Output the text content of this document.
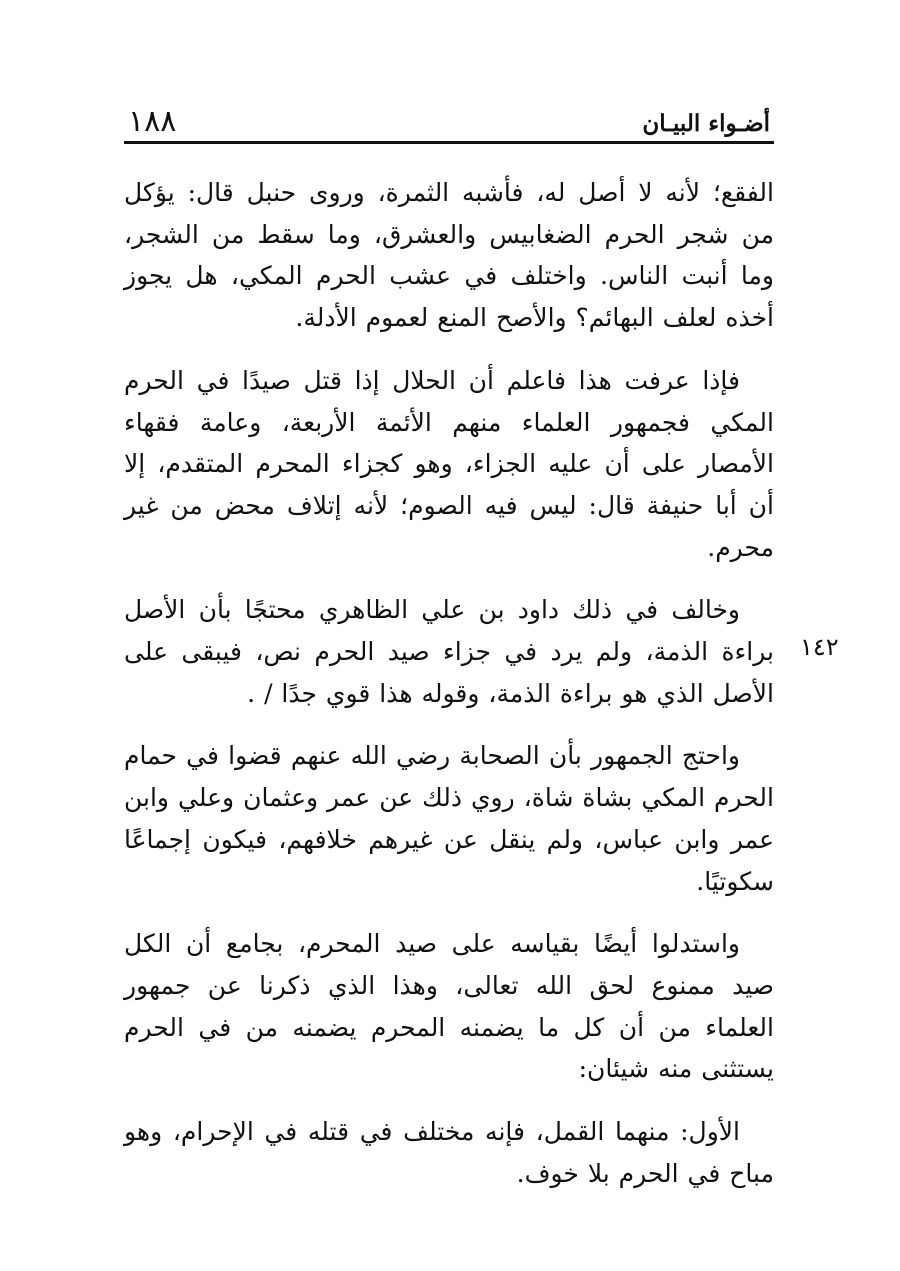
أضـواء البيـان
١٨٨

الفقع؛ لأنه لا أصل له، فأشبه الثمرة، وروى حنبل قال: يؤكل من شجر الحرم الضغابيس والعشرق، وما سقط من الشجر، وما أنبت الناس. واختلف في عشب الحرم المكي، هل يجوز أخذه لعلف البهائم؟ والأصح المنع لعموم الأدلة.

فإذا عرفت هذا فاعلم أن الحلال إذا قتل صيدًا في الحرم المكي فجمهور العلماء منهم الأئمة الأربعة، وعامة فقهاء الأمصار على أن عليه الجزاء، وهو كجزاء المحرم المتقدم، إلا أن أبا حنيفة قال: ليس فيه الصوم؛ لأنه إتلاف محض من غير محرم.

وخالف في ذلك داود بن علي الظاهري محتجًا بأن الأصل براءة الذمة، ولم يرد في جزاء صيد الحرم نص، فيبقى على الأصل الذي هو براءة الذمة، وقوله هذا قوي جدًا / .

واحتج الجمهور بأن الصحابة رضي الله عنهم قضوا في حمام الحرم المكي بشاة شاة، روي ذلك عن عمر وعثمان وعلي وابن عمر وابن عباس، ولم ينقل عن غيرهم خلافهم، فيكون إجماعًا سكوتيًا.

واستدلوا أيضًا بقياسه على صيد المحرم، بجامع أن الكل صيد ممنوع لحق الله تعالى، وهذا الذي ذكرنا عن جمهور العلماء من أن كل ما يضمنه المحرم يضمنه من في الحرم يستثنى منه شيئان:

الأول: منهما القمل، فإنه مختلف في قتله في الإحرام، وهو مباح في الحرم بلا خوف.

١٤٢
